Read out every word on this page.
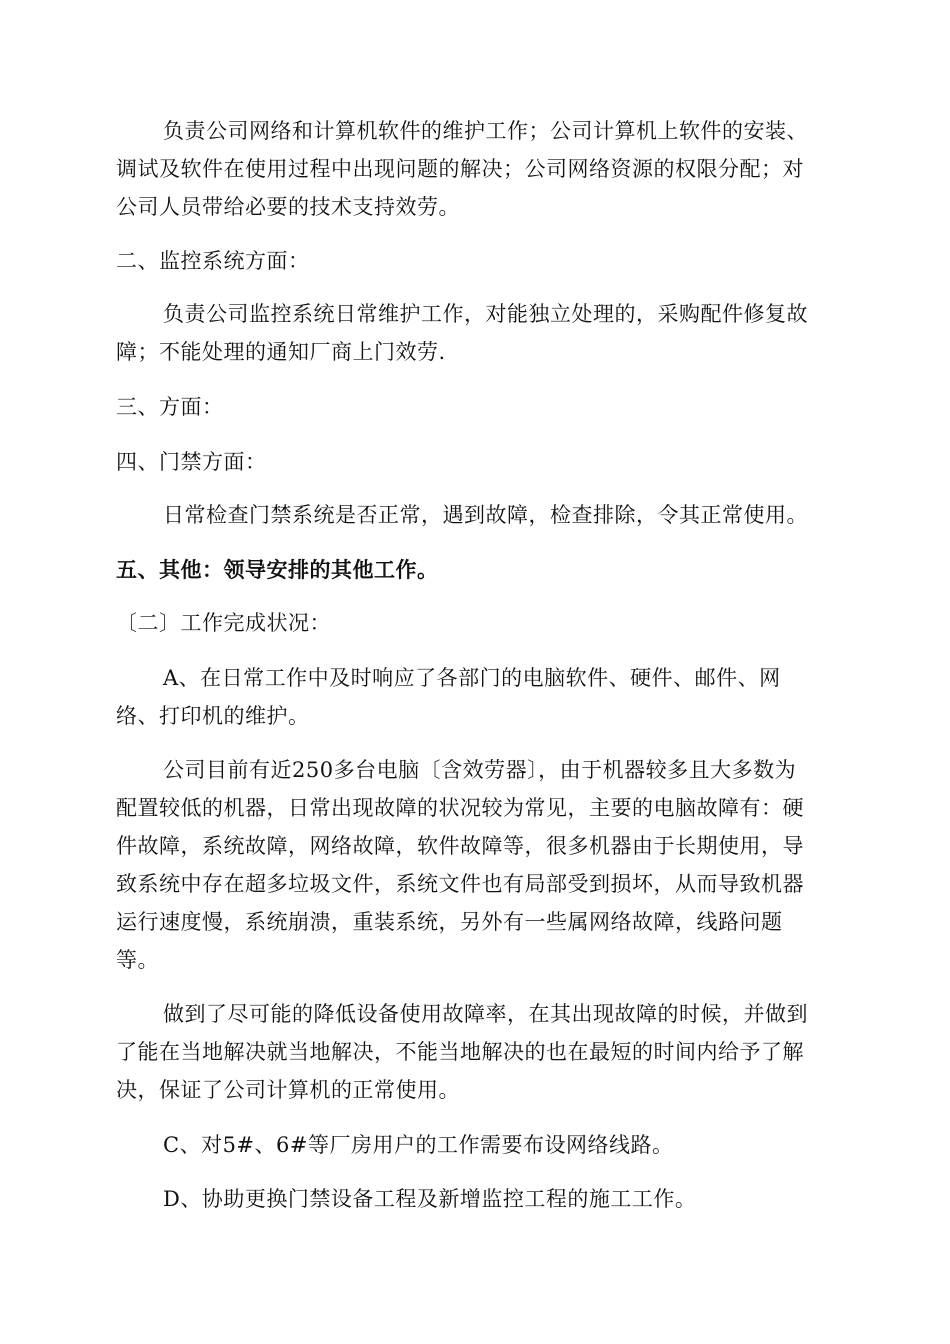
负责公司网络和计算机软件的维护工作；公司计算机上软件的安装、
调试及软件在使用过程中出现问题的解决；公司网络资源的权限分配；对
公司人员带给必要的技术支持效劳。
二、监控系统方面：
负责公司监控系统日常维护工作，对能独立处理的，采购配件修复故
障；不能处理的通知厂商上门效劳.
三、方面：
四、门禁方面：
日常检查门禁系统是否正常，遇到故障，检查排除，令其正常使用。
五、其他：领导安排的其他工作。
〔二〕工作完成状况：
A、在日常工作中及时响应了各部门的电脑软件、硬件、邮件、网
络、打印机的维护。
公司目前有近250多台电脑〔含效劳器〕，由于机器较多且大多数为
配置较低的机器，日常出现故障的状况较为常见，主要的电脑故障有：硬
件故障，系统故障，网络故障，软件故障等，很多机器由于长期使用，导
致系统中存在超多垃圾文件，系统文件也有局部受到损坏，从而导致机器
运行速度慢，系统崩溃，重装系统，另外有一些属网络故障，线路问题
等。
做到了尽可能的降低设备使用故障率，在其出现故障的时候，并做到
了能在当地解决就当地解决，不能当地解决的也在最短的时间内给予了解
决，保证了公司计算机的正常使用。
C、对5#、6#等厂房用户的工作需要布设网络线路。
D、协助更换门禁设备工程及新增监控工程的施工工作。
